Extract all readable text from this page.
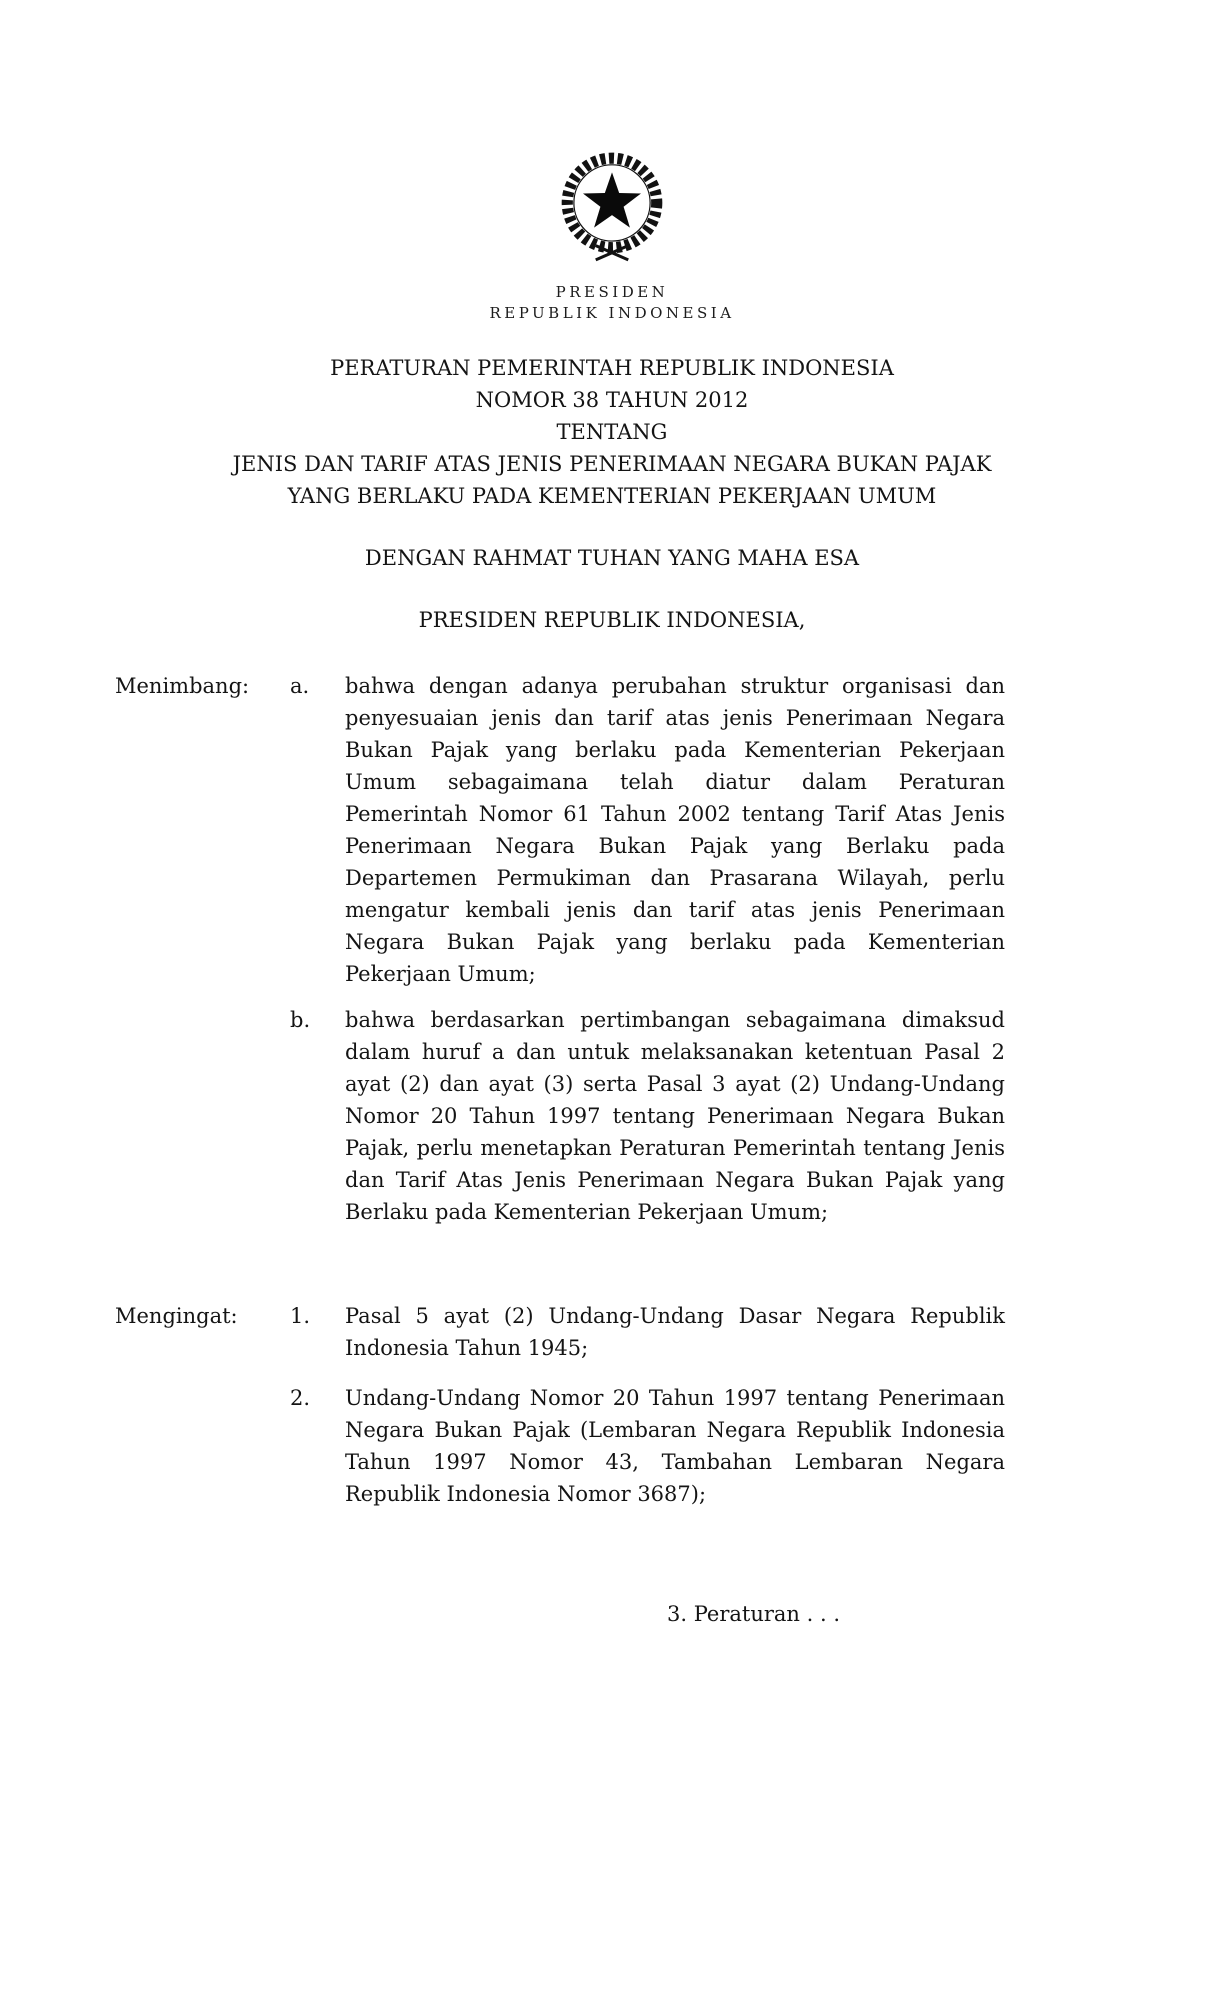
PRESIDEN
REPUBLIK INDONESIA
PERATURAN PEMERINTAH REPUBLIK INDONESIA
NOMOR 38 TAHUN 2012
TENTANG
JENIS DAN TARIF ATAS JENIS PENERIMAAN NEGARA BUKAN PAJAK
YANG BERLAKU PADA KEMENTERIAN PEKERJAAN UMUM
DENGAN RAHMAT TUHAN YANG MAHA ESA
PRESIDEN REPUBLIK INDONESIA,
Menimbang:	a.	bahwa dengan adanya perubahan struktur organisasi dan penyesuaian jenis dan tarif atas jenis Penerimaan Negara Bukan Pajak yang berlaku pada Kementerian Pekerjaan Umum sebagaimana telah diatur dalam Peraturan Pemerintah Nomor 61 Tahun 2002 tentang Tarif Atas Jenis Penerimaan Negara Bukan Pajak yang Berlaku pada Departemen Permukiman dan Prasarana Wilayah, perlu mengatur kembali jenis dan tarif atas jenis Penerimaan Negara Bukan Pajak yang berlaku pada Kementerian Pekerjaan Umum;
b.	bahwa berdasarkan pertimbangan sebagaimana dimaksud dalam huruf a dan untuk melaksanakan ketentuan Pasal 2 ayat (2) dan ayat (3) serta Pasal 3 ayat (2) Undang-Undang Nomor 20 Tahun 1997 tentang Penerimaan Negara Bukan Pajak, perlu menetapkan Peraturan Pemerintah tentang Jenis dan Tarif Atas Jenis Penerimaan Negara Bukan Pajak yang Berlaku pada Kementerian Pekerjaan Umum;
Mengingat:	1.	Pasal 5 ayat (2) Undang-Undang Dasar Negara Republik Indonesia Tahun 1945;
2.	Undang-Undang Nomor 20 Tahun 1997 tentang Penerimaan Negara Bukan Pajak (Lembaran Negara Republik Indonesia Tahun 1997 Nomor 43, Tambahan Lembaran Negara Republik Indonesia Nomor 3687);
3. Peraturan . . .
